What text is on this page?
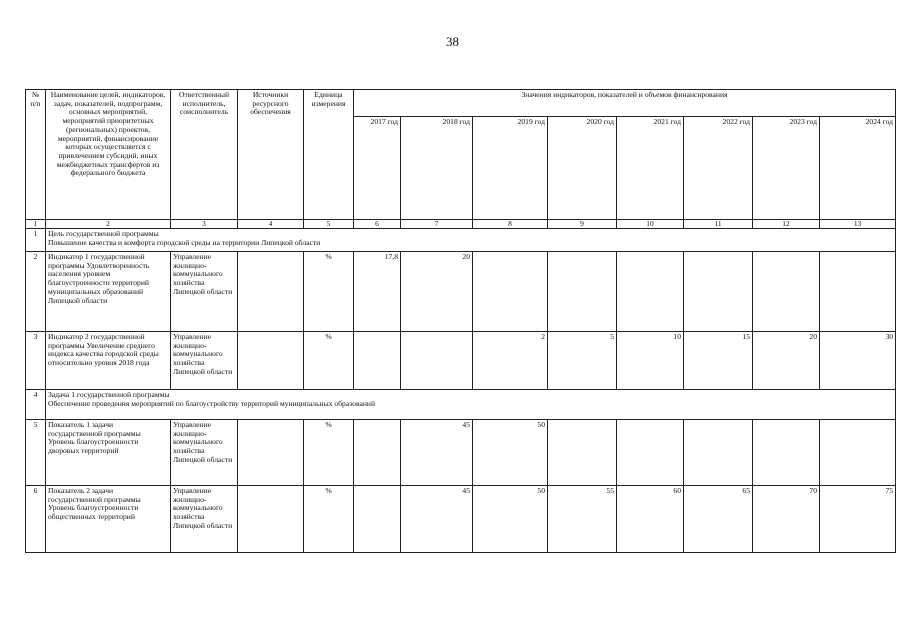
38
№ п/п	Наименование целей, индикаторов, задач, показателей, подпрограмм, основных мероприятий, мероприятий приоритетных (региональных) проектов, мероприятий, финансирование которых осуществляется с привлечением субсидий, иных межбюджетных трансфертов из федерального бюджета	Ответственный исполнитель, соисполнитель	Источники ресурсного обеспечения	Единица измерения	Значения индикаторов, показателей и объемов финансирования							
					2017 год	2018 год	2019 год	2020 год	2021 год	2022 год	2023 год	2024 год
1	2	3	4	5	6	7	8	9	10	11	12	13
1	Цель государственной программы
Повышение качества и комфорта городской среды на территории Липецкой области											

2	Индикатор 1 государственной программы Удовлетворенность населения уровнем благоустроенности территорий муниципальных образований Липецкой области	Управление жилищно-коммунального хозяйства Липецкой области		%	17,8	20						
3	Индикатор 2 государственной программы Увеличение среднего индекса качества городской среды относительно уровня 2018 года	Управление жилищно-коммунального хозяйства Липецкой области		%			2	5	10	15	20	30
4	Задача 1 государственной программы
Обеспечение проведения мероприятий по благоустройству территорий муниципальных образований											

5	Показатель 1 задачи государственной программы Уровень благоустроенности дворовых территорий	Управление жилищно-коммунального хозяйства Липецкой области		%		45	50					
6	Показатель 2 задачи государственной программы Уровень благоустроенности общественных территорий	Управление жилищно-коммунального хозяйства Липецкой области		%		45	50	55	60	65	70	75
